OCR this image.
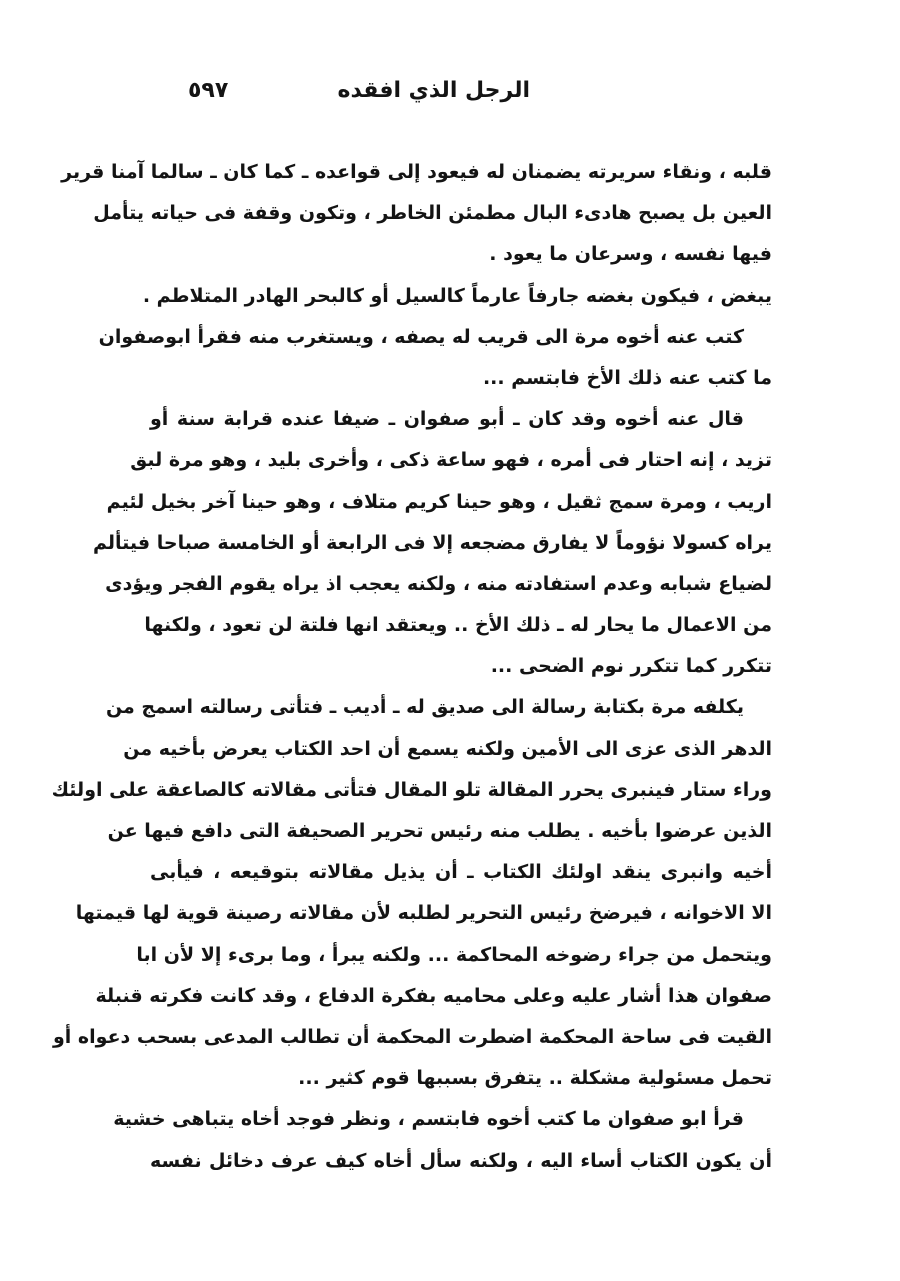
٥٩٧	الرجل الذي افقده
قلبه ، ونقاء سريرته يضمنان له فيعود إلى قواعده ـ كما كان ـ سالما آمنا قرير
العين بل يصبح هادىء البال مطمئن الخاطر ، وتكون وقفة فى حياته يتأمل
فيها نفسه ، وسرعان ما يعود .
يبغض ، فيكون بغضه جارفاً عارماً كالسيل أو كالبحر الهادر المتلاطم .
كتب عنه أخوه مرة الى قريب له يصفه ، ويستغرب منه فقرأ ابوصفوان
ما كتب عنه ذلك الأخ فابتسم ...
قال عنه أخوه وقد كان ـ أبو صفوان ـ ضيفا عنده قرابة سنة أو
تزيد ، إنه احتار فى أمره ، فهو ساعة ذكى ، وأخرى بليد ، وهو مرة لبق
اريب ، ومرة سمج ثقيل ، وهو حينا كريم متلاف ، وهو حينا آخر بخيل لئيم
يراه كسولا نؤوماً لا يفارق مضجعه إلا فى الرابعة أو الخامسة صباحا فيتألم
لضياع شبابه وعدم استفادته منه ، ولكنه يعجب اذ يراه يقوم الفجر ويؤدى
من الاعمال ما يحار له ـ ذلك الأخ .. ويعتقد انها فلتة لن تعود ، ولكنها
تتكرر كما تتكرر نوم الضحى ...
يكلفه مرة بكتابة رسالة الى صديق له ـ أديب ـ فتأتى رسالته اسمج من
الدهر الذى عزى الى الأمين ولكنه يسمع أن احد الكتاب يعرض بأخيه من
وراء ستار فينبرى يحرر المقالة تلو المقال فتأتى مقالاته كالصاعقة على اولئك
الذين عرضوا بأخيه . يطلب منه رئيس تحرير الصحيفة التى دافع فيها عن
أخيه وانبرى ينقد اولئك الكتاب ـ أن يذيل مقالاته بتوقيعه ، فيأبى
الا الاخوانه ، فيرضخ رئيس التحرير لطلبه لأن مقالاته رصينة قوية لها قيمتها
ويتحمل من جراء رضوخه المحاكمة ... ولكنه يبرأ ، وما برىء إلا لأن ابا
صفوان هذا أشار عليه وعلى محاميه بفكرة الدفاع ، وقد كانت فكرته قنبلة
القيت فى ساحة المحكمة اضطرت المحكمة أن تطالب المدعى بسحب دعواه أو
تحمل مسئولية مشكلة .. يتفرق بسببها قوم كثير ...
قرأ ابو صفوان ما كتب أخوه فابتسم ، ونظر فوجد أخاه يتباهى خشية
أن يكون الكتاب أساء اليه ، ولكنه سأل أخاه كيف عرف دخائل نفسه
